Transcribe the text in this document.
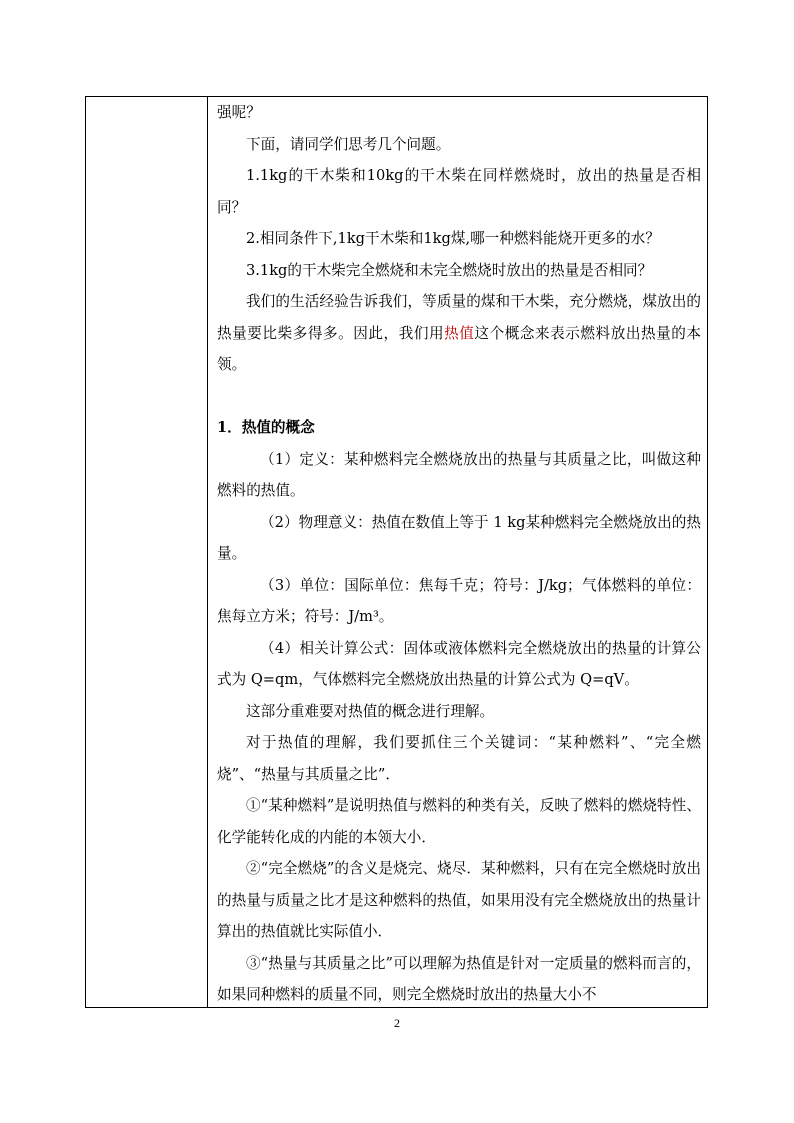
强呢？

下面，请同学们思考几个问题。

1.1kg的干木柴和10kg的干木柴在同样燃烧时，放出的热量是否相同？

2.相同条件下,1kg干木柴和1kg煤,哪一种燃料能烧开更多的水？

3.1kg的干木柴完全燃烧和未完全燃烧时放出的热量是否相同？

我们的生活经验告诉我们，等质量的煤和干木柴，充分燃烧，煤放出的热量要比柴多得多。因此，我们用热值这个概念来表示燃料放出热量的本领。

1．热值的概念

（1）定义：某种燃料完全燃烧放出的热量与其质量之比，叫做这种燃料的热值。

（2）物理意义：热值在数值上等于 1 kg某种燃料完全燃烧放出的热量。

（3）单位：国际单位：焦每千克；符号：J/kg；气体燃料的单位：焦每立方米；符号：J/m³。

（4）相关计算公式：固体或液体燃料完全燃烧放出的热量的计算公式为 Q=qm，气体燃料完全燃烧放出热量的计算公式为 Q=qV。

这部分重难要对热值的概念进行理解。

对于热值的理解，我们要抓住三个关键词：“某种燃料”、“完全燃烧”、“热量与其质量之比”．

①“某种燃料”是说明热值与燃料的种类有关，反映了燃料的燃烧特性、化学能转化成的内能的本领大小．

②“完全燃烧”的含义是烧完、烧尽．某种燃料，只有在完全燃烧时放出的热量与质量之比才是这种燃料的热值，如果用没有完全燃烧放出的热量计算出的热值就比实际值小．

③“热量与其质量之比”可以理解为热值是针对一定质量的燃料而言的，如果同种燃料的质量不同，则完全燃烧时放出的热量大小不

2
